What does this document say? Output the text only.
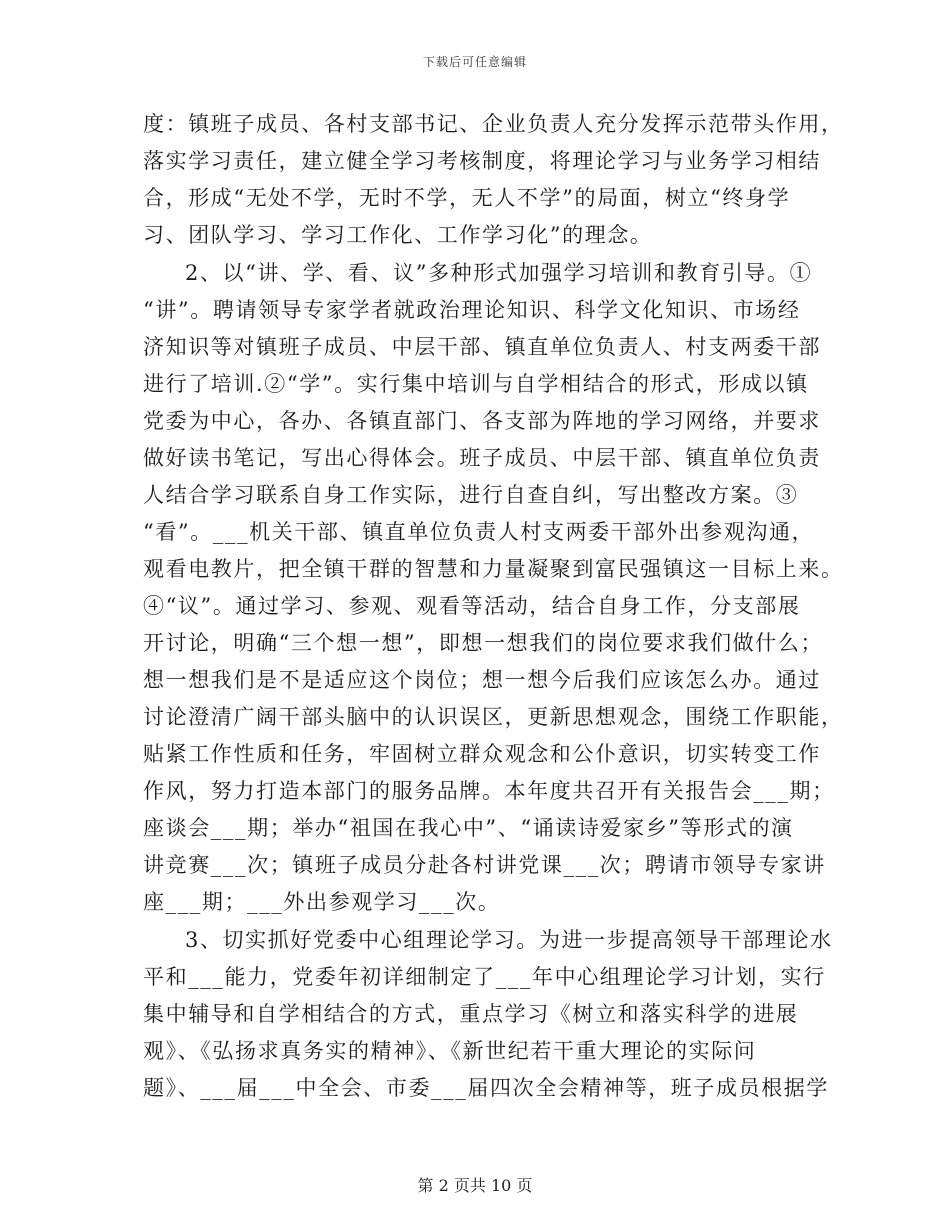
下载后可任意编辑
度：镇班子成员、各村支部书记、企业负责人充分发挥示范带头作用，
落实学习责任，建立健全学习考核制度，将理论学习与业务学习相结
合，形成“无处不学，无时不学，无人不学”的局面，树立“终身学
习、团队学习、学习工作化、工作学习化”的理念。
2、以“讲、学、看、议”多种形式加强学习培训和教育引导。①
“讲”。聘请领导专家学者就政治理论知识、科学文化知识、市场经
济知识等对镇班子成员、中层干部、镇直单位负责人、村支两委干部
进行了培训.②“学”。实行集中培训与自学相结合的形式，形成以镇
党委为中心，各办、各镇直部门、各支部为阵地的学习网络，并要求
做好读书笔记，写出心得体会。班子成员、中层干部、镇直单位负责
人结合学习联系自身工作实际，进行自查自纠，写出整改方案。③
“看”。___机关干部、镇直单位负责人村支两委干部外出参观沟通，
观看电教片，把全镇干群的智慧和力量凝聚到富民强镇这一目标上来。
④“议”。通过学习、参观、观看等活动，结合自身工作，分支部展
开讨论，明确“三个想一想”，即想一想我们的岗位要求我们做什么；
想一想我们是不是适应这个岗位；想一想今后我们应该怎么办。通过
讨论澄清广阔干部头脑中的认识误区，更新思想观念，围绕工作职能，
贴紧工作性质和任务，牢固树立群众观念和公仆意识，切实转变工作
作风，努力打造本部门的服务品牌。本年度共召开有关报告会___期；
座谈会___期；举办“祖国在我心中”、“诵读诗爱家乡”等形式的演
讲竞赛___次；镇班子成员分赴各村讲党课___次；聘请市领导专家讲
座___期；___外出参观学习___次。
3、切实抓好党委中心组理论学习。为进一步提高领导干部理论水
平和___能力，党委年初详细制定了___年中心组理论学习计划，实行
集中辅导和自学相结合的方式，重点学习《树立和落实科学的进展
观》、《弘扬求真务实的精神》、《新世纪若干重大理论的实际问
题》、___届___中全会、市委___届四次全会精神等，班子成员根据学
第 2 页共 10 页
